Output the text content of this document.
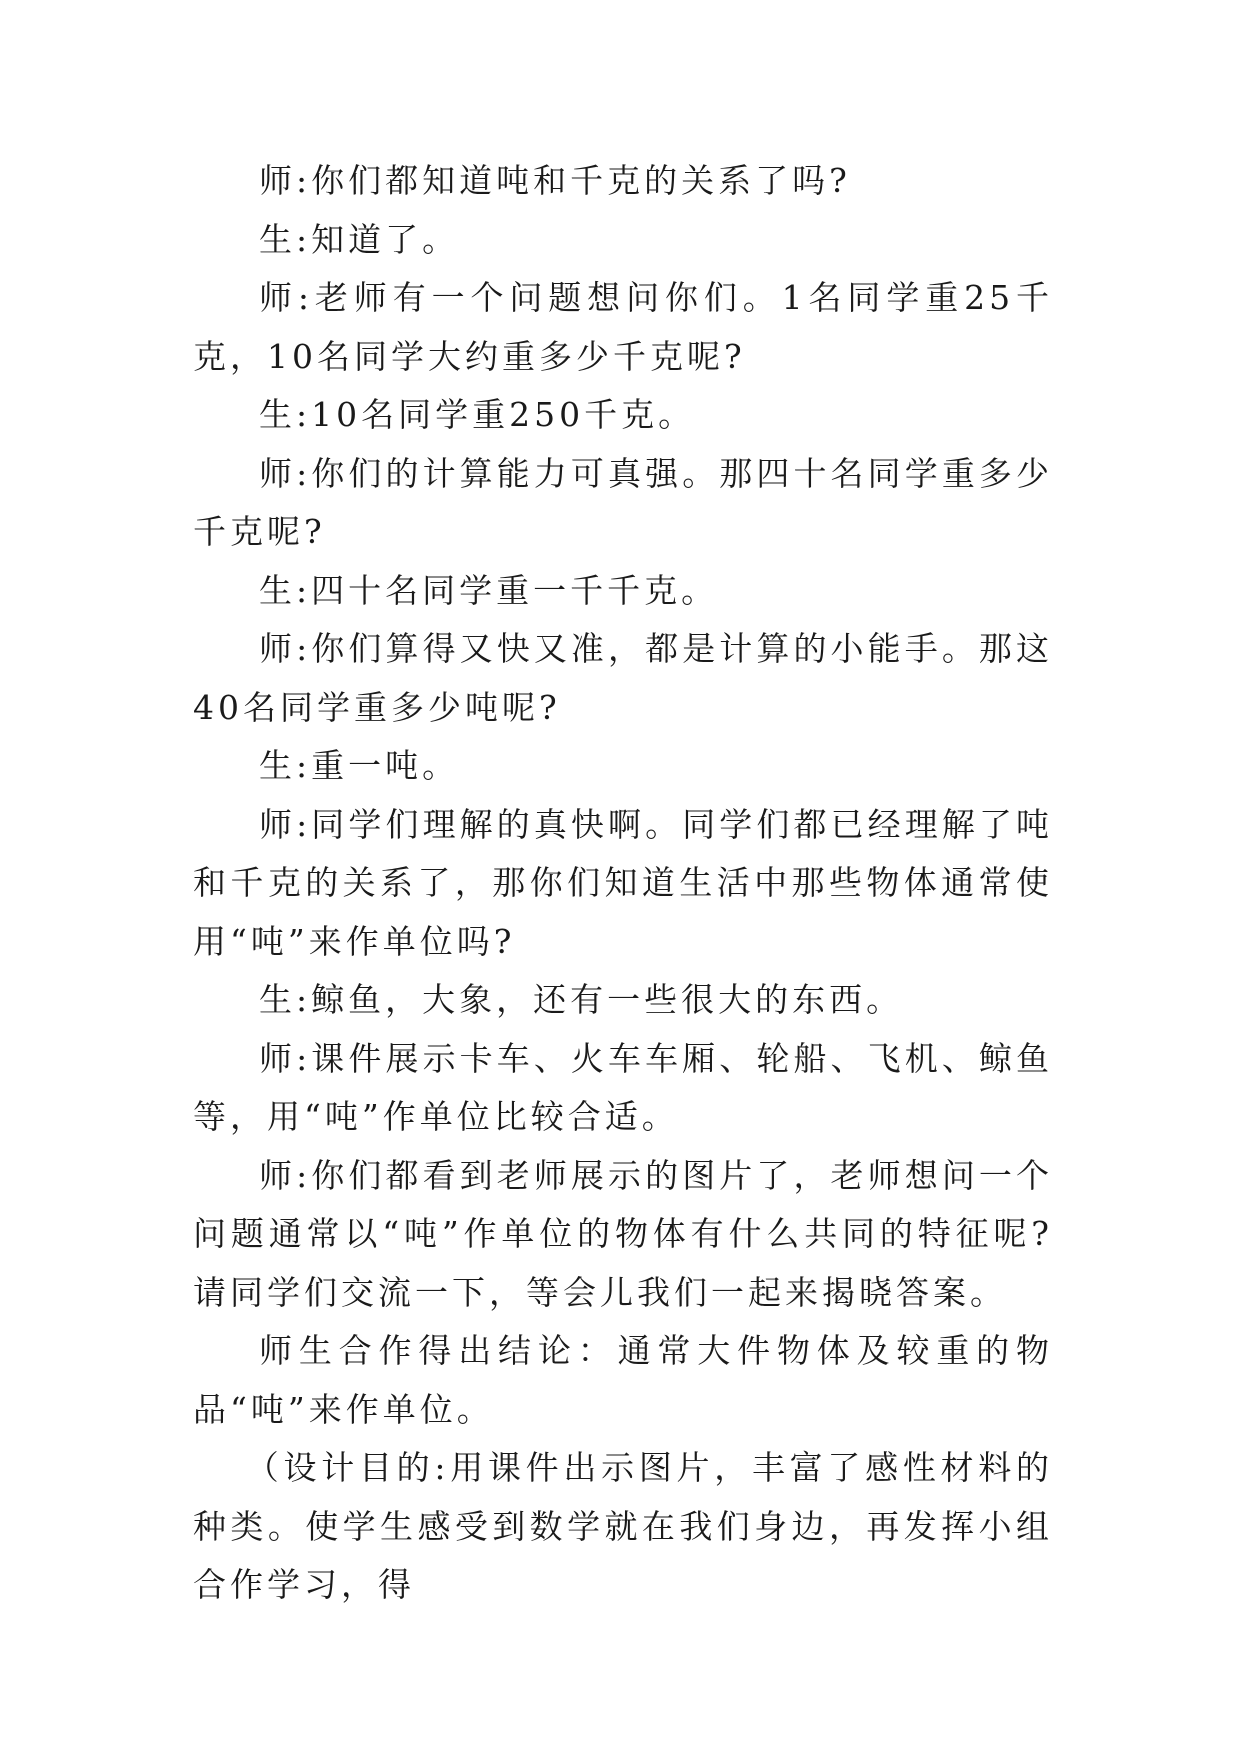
师:你们都知道吨和千克的关系了吗?

生:知道了。

师:老师有一个问题想问你们。1名同学重25千克，10名同学大约重多少千克呢?

生:10名同学重250千克。

师:你们的计算能力可真强。那四十名同学重多少千克呢?

生:四十名同学重一千千克。

师:你们算得又快又准，都是计算的小能手。那这40名同学重多少吨呢?

生:重一吨。

师:同学们理解的真快啊。同学们都已经理解了吨和千克的关系了，那你们知道生活中那些物体通常使用“吨”来作单位吗?

生:鲸鱼，大象，还有一些很大的东西。

师:课件展示卡车、火车车厢、轮船、飞机、鲸鱼等，用“吨”作单位比较合适。

师:你们都看到老师展示的图片了，老师想问一个问题通常以“吨”作单位的物体有什么共同的特征呢?请同学们交流一下，等会儿我们一起来揭晓答案。

师生合作得出结论：通常大件物体及较重的物品“吨”来作单位。

（设计目的:用课件出示图片，丰富了感性材料的种类。使学生感受到数学就在我们身边，再发挥小组合作学习，得
